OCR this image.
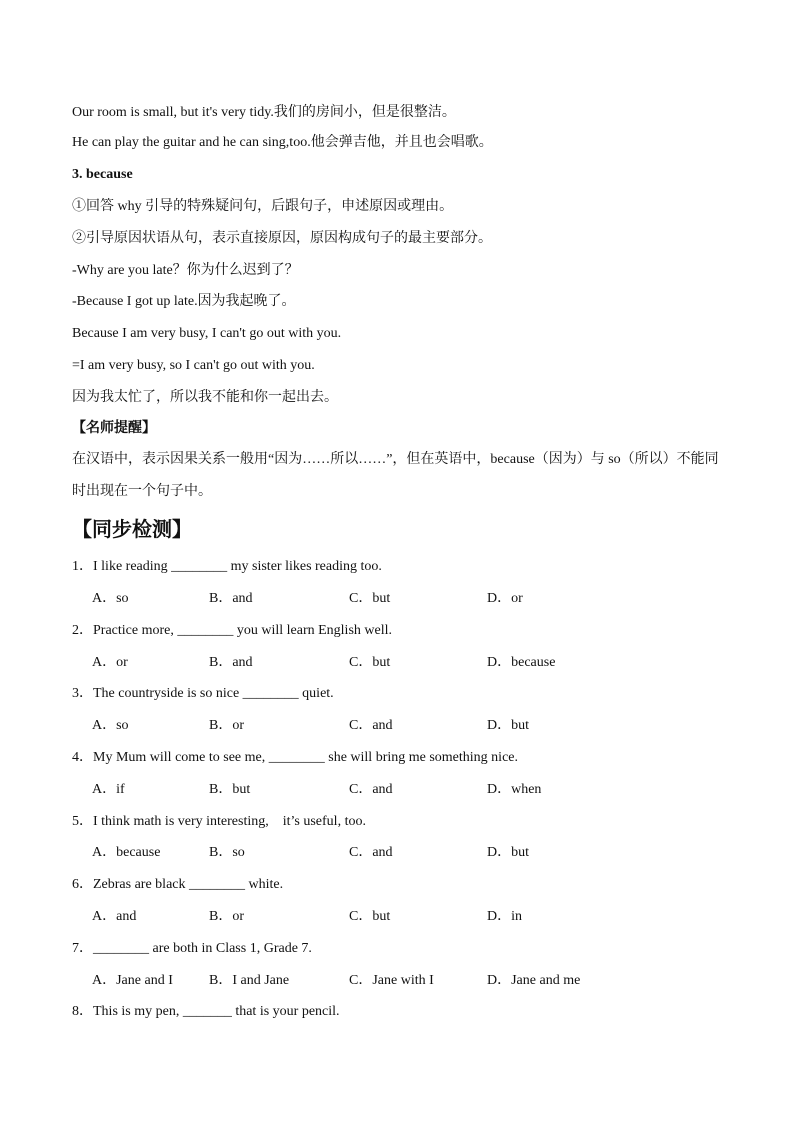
Our room is small, but it's very tidy.我们的房间小，但是很整洁。
He can play the guitar and he can sing,too.他会弹吉他，并且也会唱歌。
3. because
①回答 why 引导的特殊疑问句，后跟句子，申述原因或理由。
②引导原因状语从句，表示直接原因，原因构成句子的最主要部分。
-Why are you late？你为什么迟到了？
-Because I got up late.因为我起晚了。
Because I am very busy, I can't go out with you.
=I am very busy, so I can't go out with you.
因为我太忙了，所以我不能和你一起出去。
【名师提醒】
在汉语中，表示因果关系一般用“因为……所以……”，但在英语中，because（因为）与 so（所以）不能同时出现在一个句子中。
【同步检测】
1．I like reading ________ my sister likes reading too.
A．so	B．and	C．but	D．or
2．Practice more, ________ you will learn English well.
A．or	B．and	C．but	D．because
3．The countryside is so nice ________ quiet.
A．so	B．or	C．and	D．but
4．My Mum will come to see me, ________ she will bring me something nice.
A．if	B．but	C．and	D．when
5．I think math is very interesting,　it’s useful, too.
A．because	B．so	C．and	D．but
6．Zebras are black ________ white.
A．and	B．or	C．but	D．in
7．________ are both in Class 1, Grade 7.
A．Jane and I	B．I and Jane	C．Jane with I	D．Jane and me
8．This is my pen, _______ that is your pencil.
